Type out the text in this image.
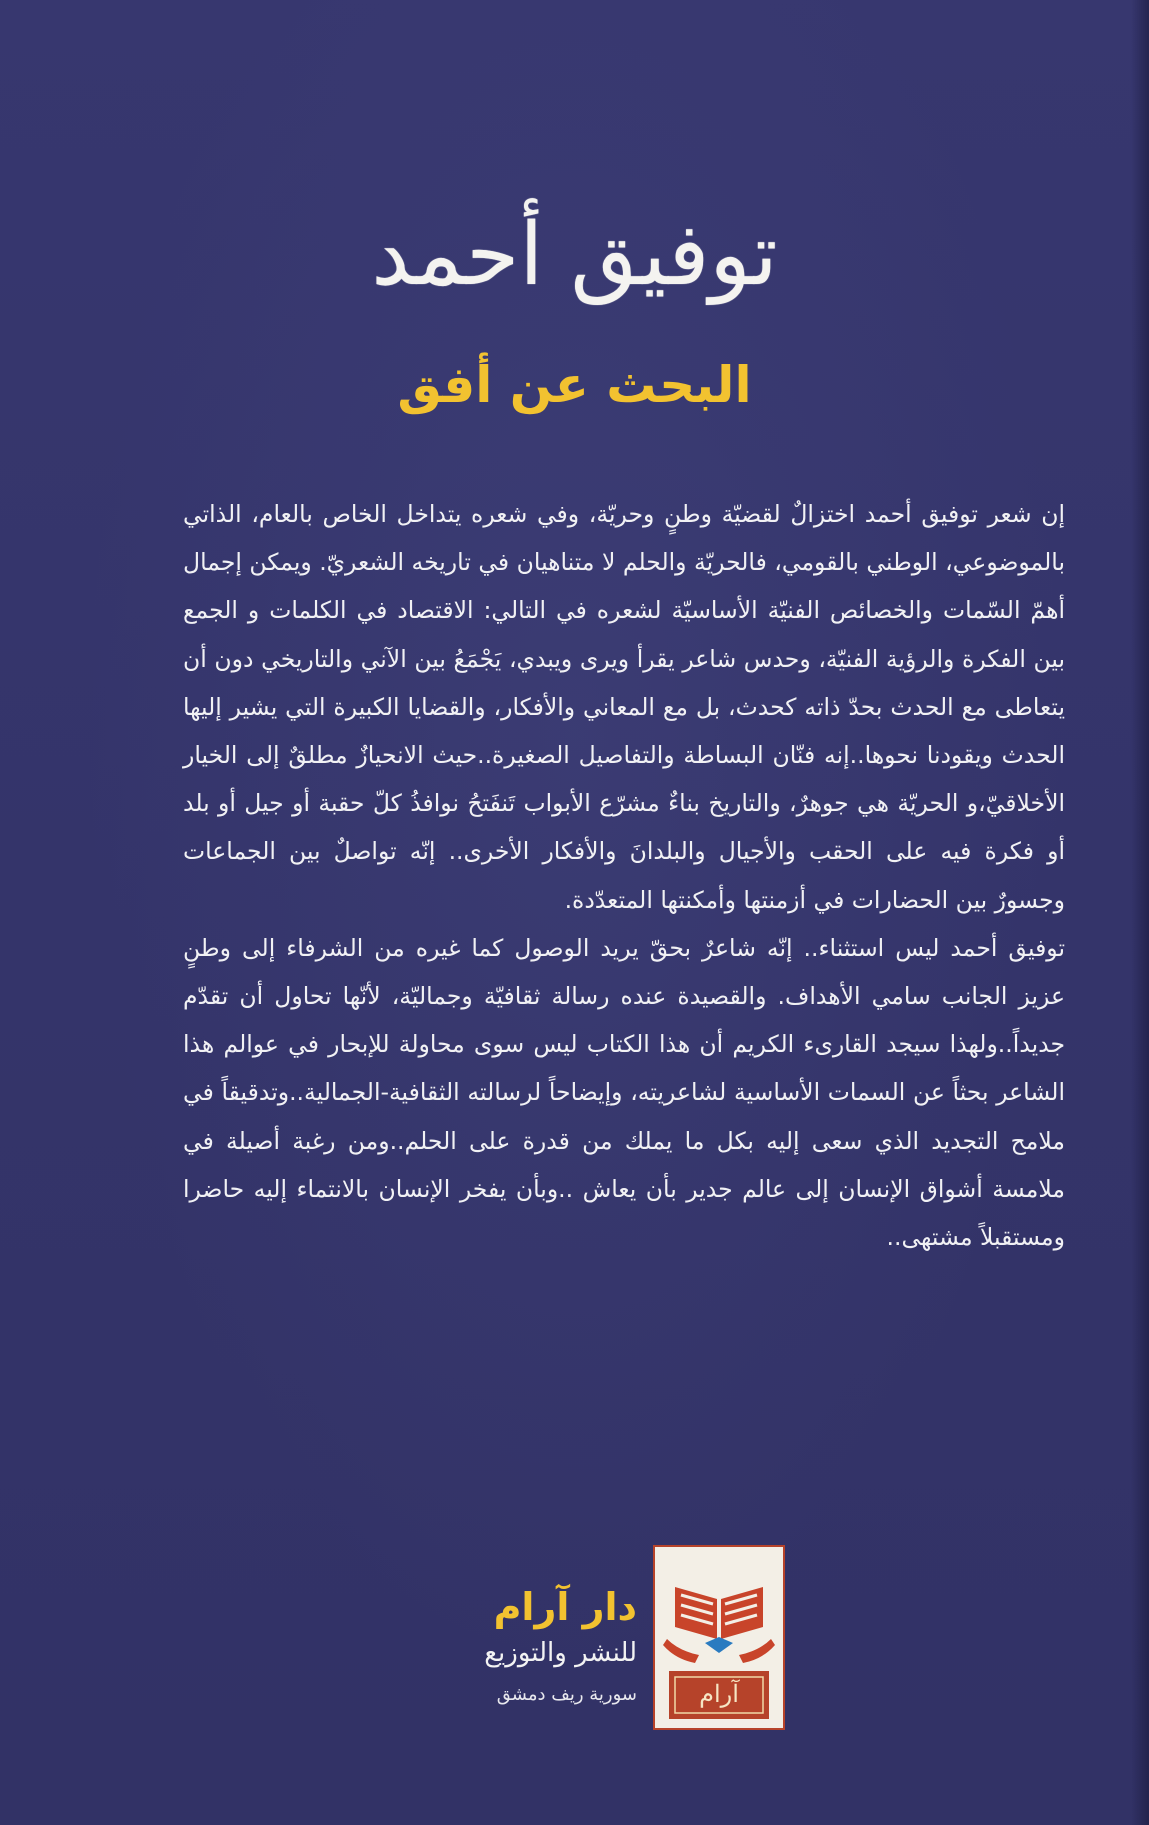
توفيق أحمد
البحث عن أفق

إن شعر توفيق أحمد اختزالٌ لقضيّة وطنٍ وحريّة، وفي شعره يتداخل الخاص بالعام، الذاتي بالموضوعي، الوطني بالقومي، فالحريّة والحلم لا متناهيان في تاريخه الشعريّ. ويمكن إجمال أهمّ السّمات والخصائص الفنيّة الأساسيّة لشعره في التالي: الاقتصاد في الكلمات و الجمع بين الفكرة والرؤية الفنيّة، وحدس شاعر يقرأ ويرى ويبدي، يَجْمَعُ بين الآني والتاريخي دون أن يتعاطى مع الحدث بحدّ ذاته كحدث، بل مع المعاني والأفكار، والقضايا الكبيرة التي يشير إليها الحدث ويقودنا نحوها..إنه فنّان البساطة والتفاصيل الصغيرة..حيث الانحيازٌ مطلقٌ إلى الخيار الأخلاقيّ،و الحريّة هي جوهرٌ، والتاريخ بناءٌ مشرّع الأبواب تَنفَتحُ نوافذُ كلّ حقبة أو جيل أو بلد أو فكرة فيه على الحقب والأجيال والبلدانَ والأفكار الأخرى.. إنّه تواصلٌ بين الجماعات وجسورٌ بين الحضارات في أزمنتها وأمكنتها المتعدّدة.

توفيق أحمد ليس استثناء.. إنّه شاعرٌ بحقّ يريد الوصول كما غيره من الشرفاء إلى وطنٍ عزيز الجانب سامي الأهداف. والقصيدة عنده رسالة ثقافيّة وجماليّة، لأنّها تحاول أن تقدّم جديداً..ولهذا سيجد القارىء الكريم أن هذا الكتاب ليس سوى محاولة للإبحار في عوالم هذا الشاعر بحثاً عن السمات الأساسية لشاعريته، وإيضاحاً لرسالته الثقافية-الجمالية..وتدقيقاً في ملامح التجديد الذي سعى إليه بكل ما يملك من قدرة على الحلم..ومن رغبة أصيلة في ملامسة أشواق الإنسان إلى عالم جدير بأن يعاش ..وبأن يفخر الإنسان بالانتماء إليه حاضرا ومستقبلاً مشتهى..

آرام
دار آرام
للنشر والتوزيع
سورية ريف دمشق
